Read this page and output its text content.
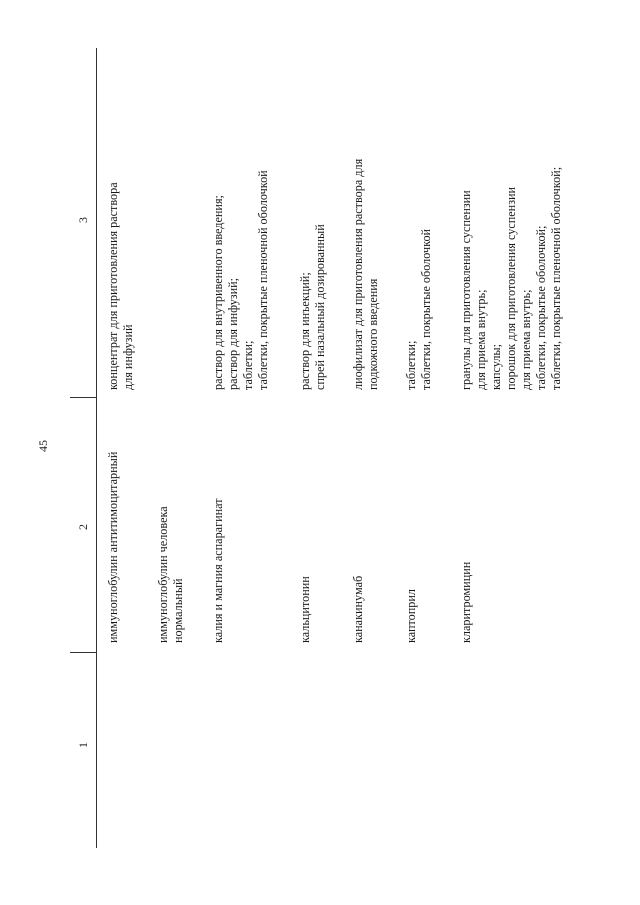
45
1
2
3
иммуноглобулин антитимоцитарный
концентрат для приготовления раствора для инфузий
иммуноглобулин человека нормальный калия и магния аспарагинат
раствор для внутривенного введения; раствор для инфузий; таблетки; таблетки, покрытые пленочной оболочкой
кальцитонин
раствор для инъекций; спрей назальный дозированный
канакинумаб
лиофилизат для приготовления раствора для подкожного введения
каптоприл
таблетки; таблетки, покрытые оболочкой
кларитромицин
гранулы для приготовления суспензии для приема внутрь; капсулы; порошок для приготовления суспензии для приема внутрь; таблетки, покрытые оболочкой; таблетки, покрытые пленочной оболочкой;
